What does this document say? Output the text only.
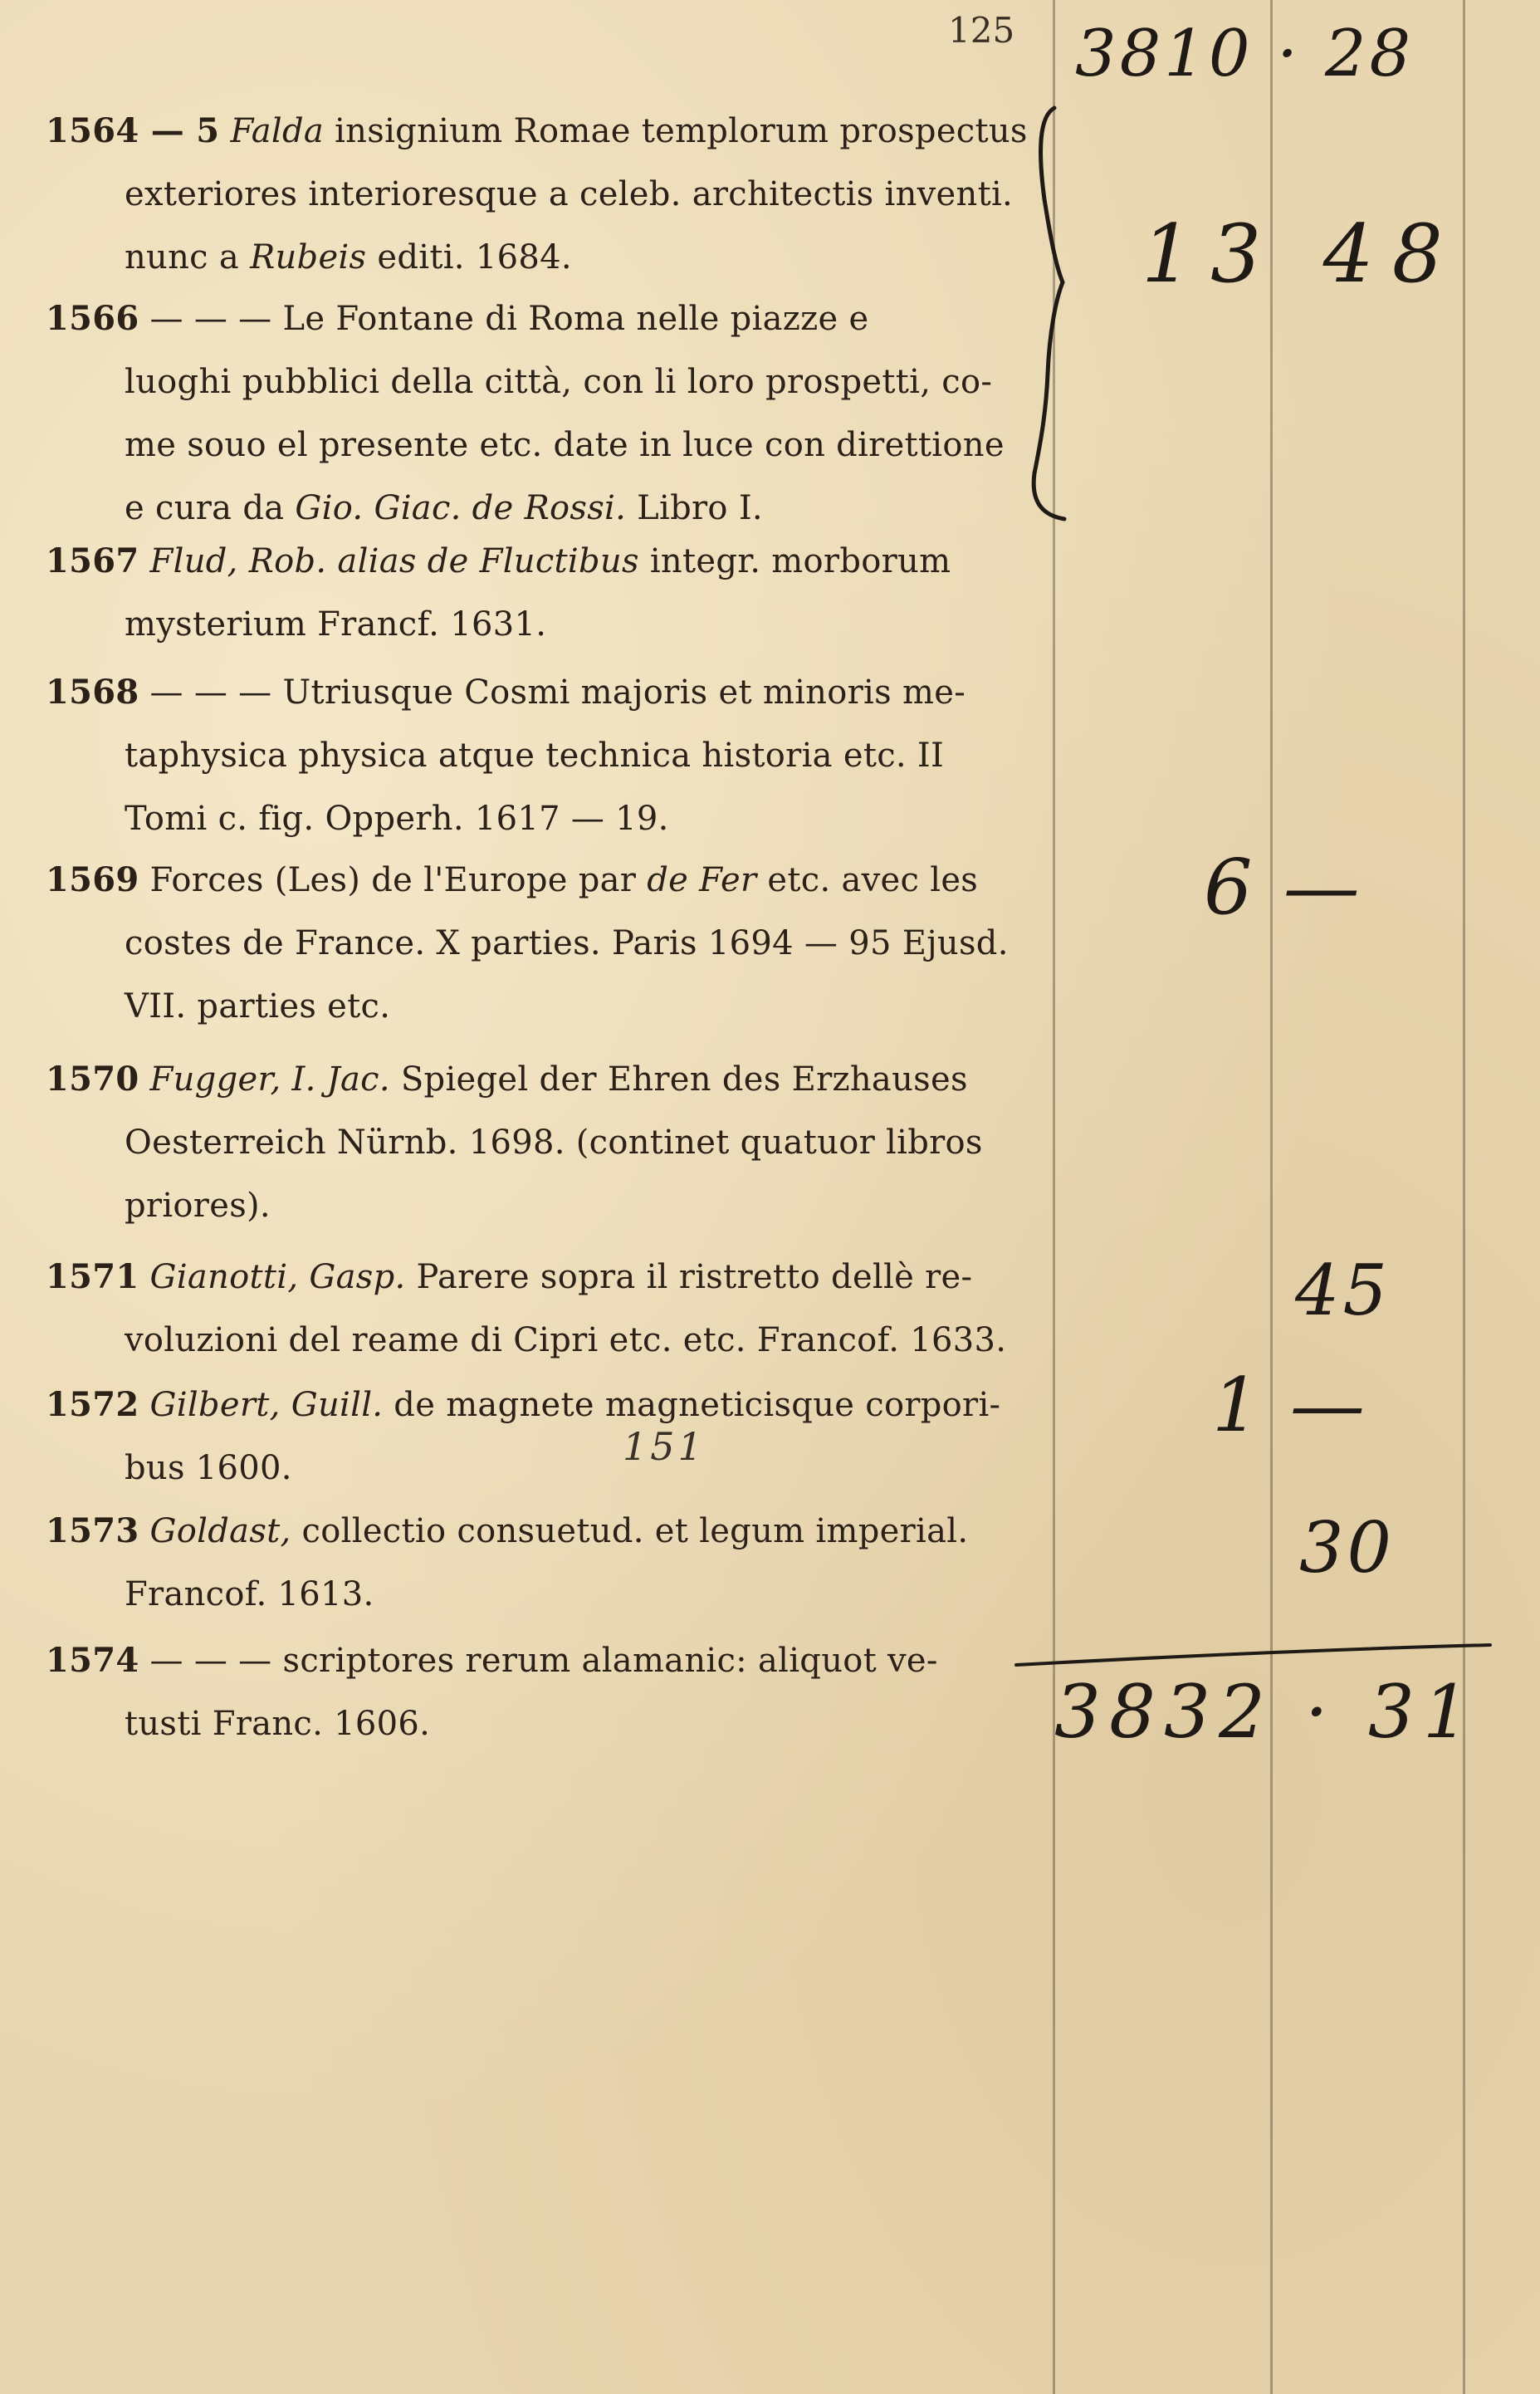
125
1564 — 5 Falda insignium Romae templorum prospectus
exteriores interioresque a celeb. architectis inventi.
nunc a Rubeis editi. 1684.
1566 — — — Le Fontane di Roma nelle piazze e
luoghi pubblici della città, con li loro prospetti, co-
me souo el presente etc. date in luce con direttione
e cura da Gio. Giac. de Rossi. Libro I.
1567 Flud, Rob. alias de Fluctibus integr. morborum
mysterium Francf. 1631.
1568 — — — Utriusque Cosmi majoris et minoris me-
taphysica physica atque technica historia etc. II
Tomi c. fig. Opperh. 1617 — 19.
1569 Forces (Les) de l'Europe par de Fer etc. avec les
costes de France. X parties. Paris 1694 — 95 Ejusd.
VII. parties etc.
1570 Fugger, I. Jac. Spiegel der Ehren des Erzhauses
Oesterreich Nürnb. 1698. (continet quatuor libros
priores).
1571 Gianotti, Gasp. Parere sopra il ristretto dellè re-
voluzioni del reame di Cipri etc. etc. Francof. 1633.
1572 Gilbert, Guill. de magnete magneticisque corpori-
bus 1600.
1573 Goldast, collectio consuetud. et legum imperial.
Francof. 1613.
1574 — — — scriptores rerum alamanic: aliquot ve-
tusti Franc. 1606.
3810 · 28
13 48
6 —
45
1 —
151
30
3832 · 31
